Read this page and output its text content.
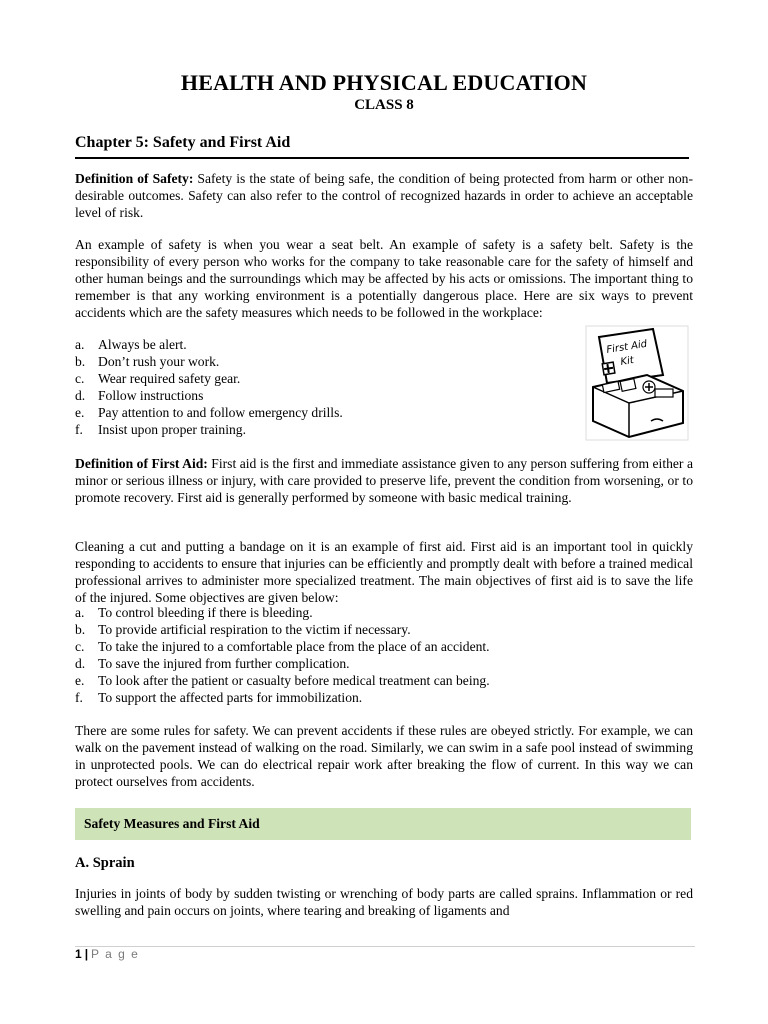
HEALTH AND PHYSICAL EDUCATION
CLASS 8
Chapter 5: Safety and First Aid
Definition of Safety: Safety is the state of being safe, the condition of being protected from harm or other non-desirable outcomes. Safety can also refer to the control of recognized hazards in order to achieve an acceptable level of risk.
An example of safety is when you wear a seat belt. An example of safety is a safety belt. Safety is the responsibility of every person who works for the company to take reasonable care for the safety of himself and other human beings and the surroundings which may be affected by his acts or omissions. The important thing to remember is that any working environment is a potentially dangerous place. Here are six ways to prevent accidents which are the safety measures which needs to be followed in the workplace:
a. Always be alert.
b. Don’t rush your work.
c. Wear required safety gear.
d. Follow instructions
e. Pay attention to and follow emergency drills.
f.	Insist upon proper training.
First Aid
Kit
Definition of First Aid: First aid is the first and immediate assistance given to any person suffering from either a minor or serious illness or injury, with care provided to preserve life, prevent the condition from worsening, or to promote recovery. First aid is generally performed by someone with basic medical training.
Cleaning a cut and putting a bandage on it is an example of first aid. First aid is an important tool in quickly responding to accidents to ensure that injuries can be efficiently and promptly dealt with before a trained medical professional arrives to administer more specialized treatment. The main objectives of first aid is to save the life of the injured. Some objectives are given below:
a. To control bleeding if there is bleeding.
b. To provide artificial respiration to the victim if necessary.
c. To take the injured to a comfortable place from the place of an accident.
d. To save the injured from further complication.
e. To look after the patient or casualty before medical treatment can being.
f.	To support the affected parts for immobilization.
There are some rules for safety. We can prevent accidents if these rules are obeyed strictly. For example, we can walk on the pavement instead of walking on the road. Similarly, we can swim in a safe pool instead of swimming in unprotected pools. We can do electrical repair work after breaking the flow of current. In this way we can protect ourselves from accidents.
Safety Measures and First Aid
A. Sprain
Injuries in joints of body by sudden twisting or wrenching of body parts are called sprains. Inflammation or red swelling and pain occurs on joints, where tearing and breaking of ligaments and
1 | P a g e
